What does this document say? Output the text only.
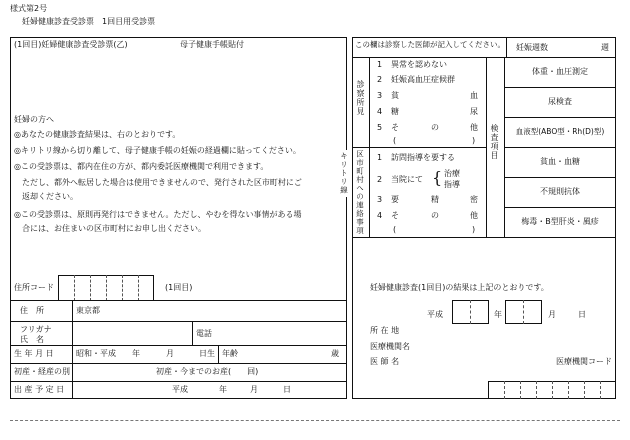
様式第2号
妊婦健康診査受診票　1回目用受診票
(1回目)妊婦健康診査受診票(乙)	母子健康手帳貼付
妊婦の方へ
◎あなたの健康診査結果は、右のとおりです。
◎キリトリ線から切り離して、母子健康手帳の妊娠の経過欄に貼ってください。
◎この受診票は、都内在住の方が、都内委託医療機関で利用できます。
　ただし、都外へ転居した場合は使用できませんので、発行された区市町村にご
　返却ください。
◎この受診票は、原則再発行はできません。ただし、やむを得ない事情がある場
　合には、お住まいの区市町村にお申し出ください。
住所コード	(1回目)
住　所	東京都
フリガナ
氏　名
電話
生 年 月 日	昭和・平成 年	月	日生 年齢	歳
初産・経産の別	初産・今までのお産(　　回)
出 産 予 定 日	平成	年	月	日
この欄は診察した医師が記入してください。 妊娠週数	週
診察所見
区市町村への連絡事項
検査項目
1 異常を認めない
2 妊娠高血圧症候群
3 貧	血
4 糖	尿
5 そ	の	他
(	)
1 訪問指導を要する
2 当院にて { 治療
指導
3 要	精	密
4 そ	の	他
(	)
体重・血圧測定
尿検査
血液型(ABO型・Rh(D)型)
貧血・血糖
不規則抗体
梅毒・B型肝炎・風疹
妊婦健康診査(1回目)の結果は上記のとおりです。
平成	年	月	日
所 在 地
医療機関名
医 師 名	医療機関コード
キリトリ線
